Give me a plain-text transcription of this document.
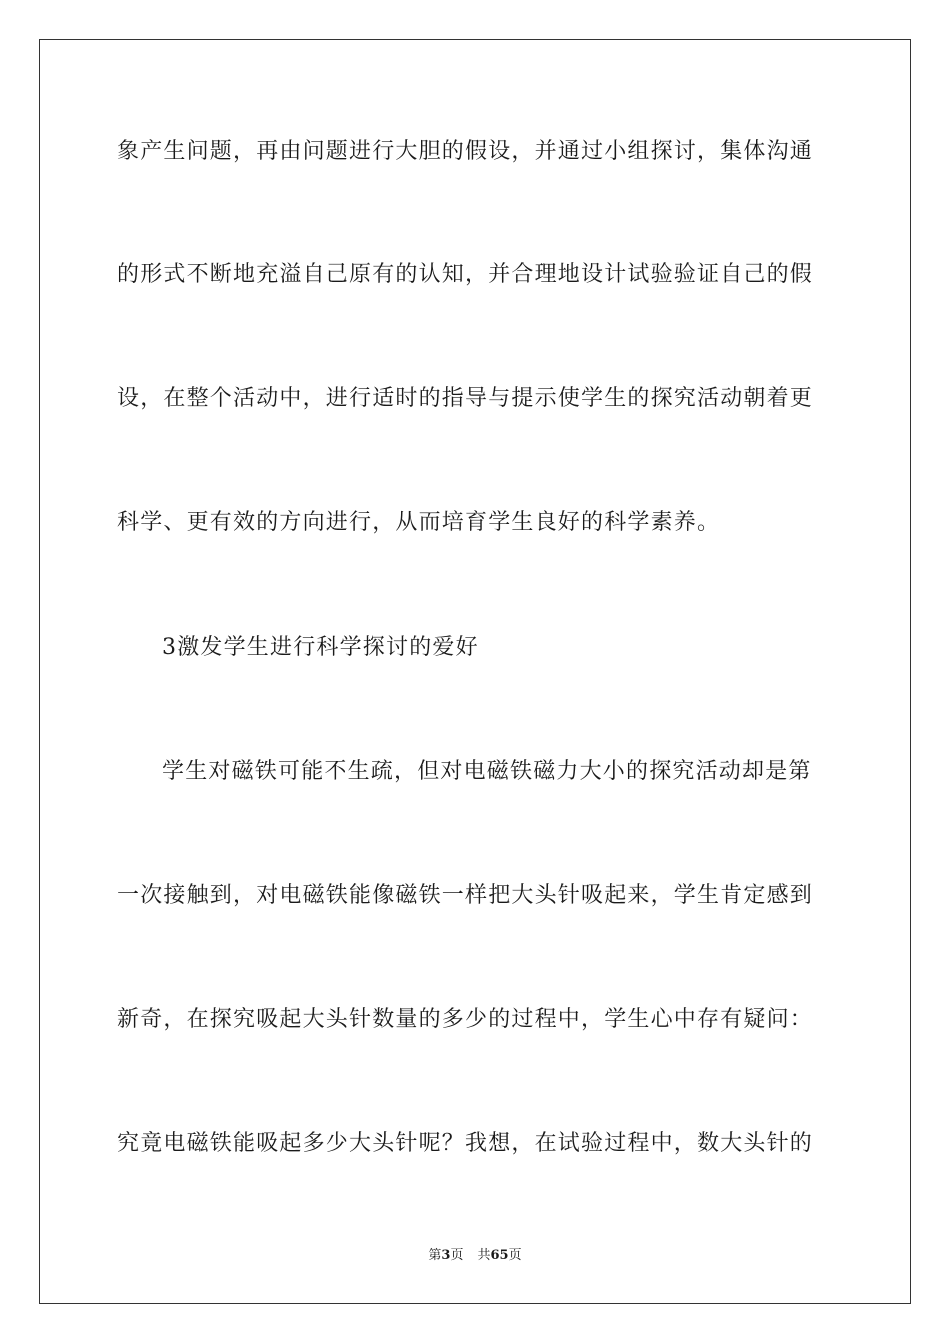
象产生问题，再由问题进行大胆的假设，并通过小组探讨，集体沟通
的形式不断地充溢自己原有的认知，并合理地设计试验验证自己的假
设，在整个活动中，进行适时的指导与提示使学生的探究活动朝着更
科学、更有效的方向进行，从而培育学生良好的科学素养。
3激发学生进行科学探讨的爱好
学生对磁铁可能不生疏，但对电磁铁磁力大小的探究活动却是第
一次接触到，对电磁铁能像磁铁一样把大头针吸起来，学生肯定感到
新奇，在探究吸起大头针数量的多少的过程中，学生心中存有疑问：
究竟电磁铁能吸起多少大头针呢？我想，在试验过程中，数大头针的
第3页 共65页
